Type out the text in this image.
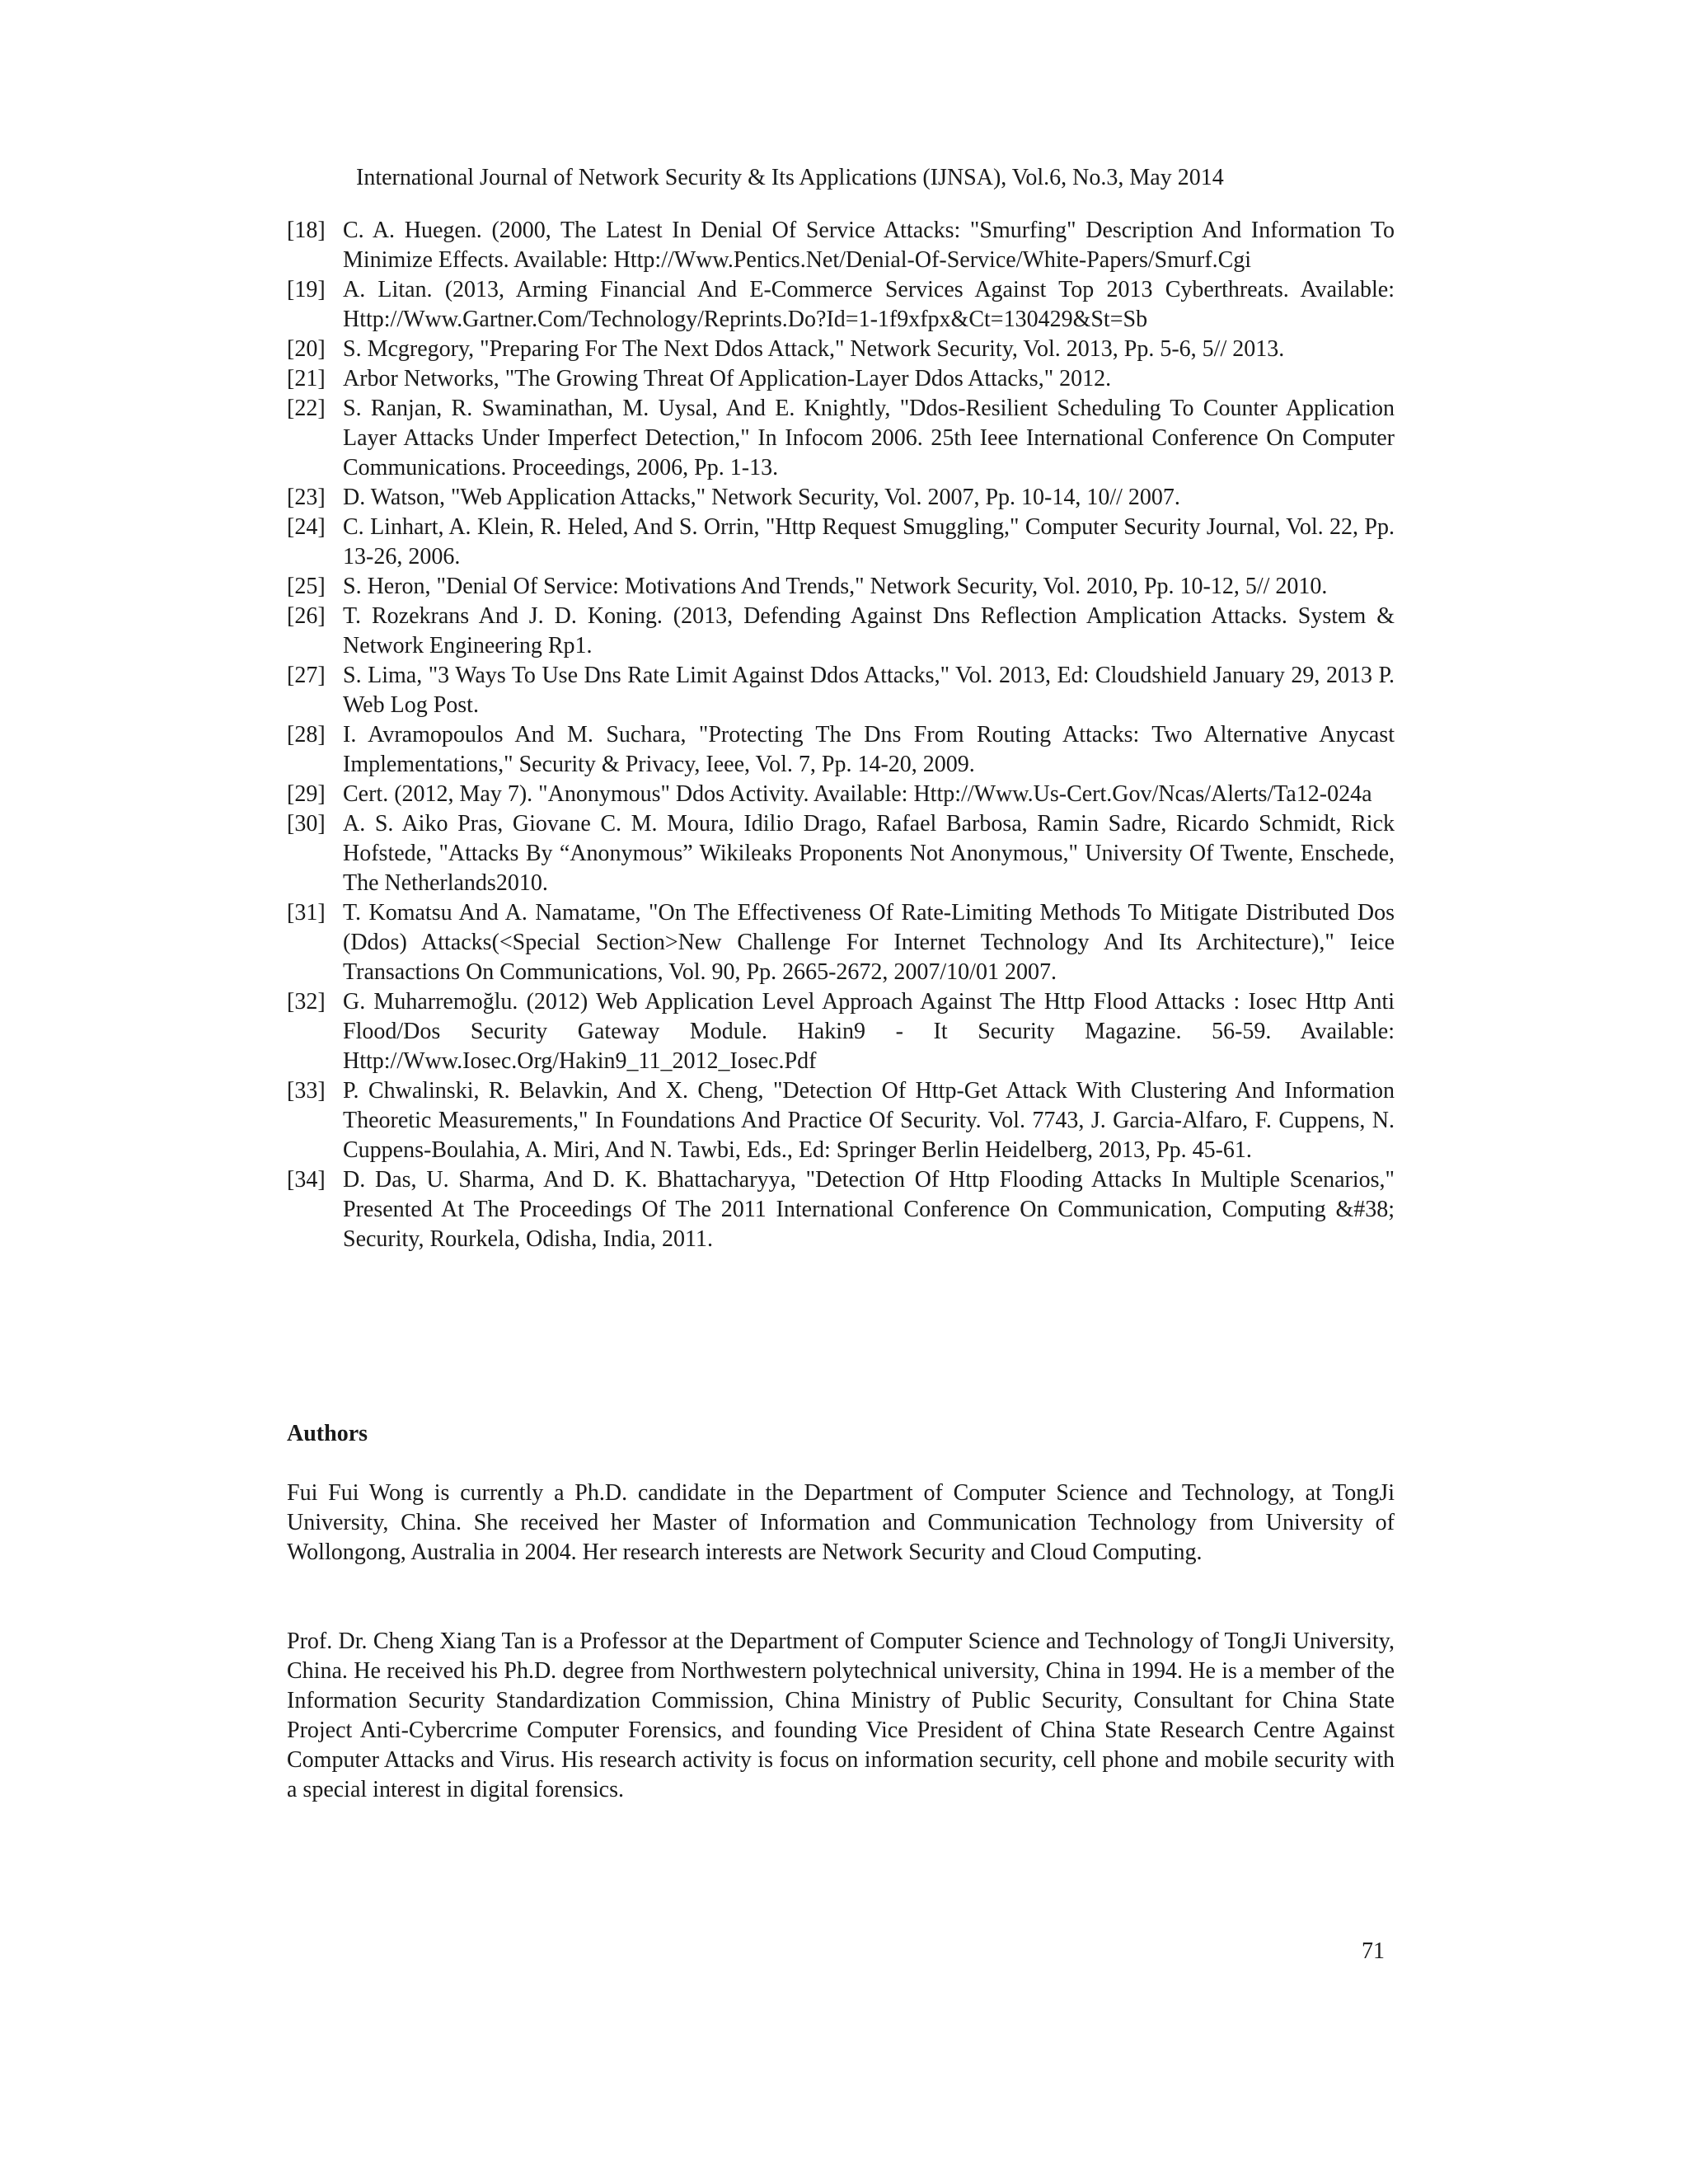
International Journal of Network Security & Its Applications (IJNSA), Vol.6, No.3, May 2014
[18] C. A. Huegen. (2000, The Latest In Denial Of Service Attacks: "Smurfing" Description And Information To Minimize Effects. Available: Http://Www.Pentics.Net/Denial-Of-Service/White-Papers/Smurf.Cgi
[19] A. Litan. (2013, Arming Financial And E-Commerce Services Against Top 2013 Cyberthreats. Available: Http://Www.Gartner.Com/Technology/Reprints.Do?Id=1-1f9xfpx&Ct=130429&St=Sb
[20] S. Mcgregory, "Preparing For The Next Ddos Attack," Network Security, Vol. 2013, Pp. 5-6, 5// 2013.
[21] Arbor Networks, "The Growing Threat Of Application-Layer Ddos Attacks," 2012.
[22] S. Ranjan, R. Swaminathan, M. Uysal, And E. Knightly, "Ddos-Resilient Scheduling To Counter Application Layer Attacks Under Imperfect Detection," In Infocom 2006. 25th Ieee International Conference On Computer Communications. Proceedings, 2006, Pp. 1-13.
[23] D. Watson, "Web Application Attacks," Network Security, Vol. 2007, Pp. 10-14, 10// 2007.
[24] C. Linhart, A. Klein, R. Heled, And S. Orrin, "Http Request Smuggling," Computer Security Journal, Vol. 22, Pp. 13-26, 2006.
[25] S. Heron, "Denial Of Service: Motivations And Trends," Network Security, Vol. 2010, Pp. 10-12, 5// 2010.
[26] T. Rozekrans And J. D. Koning. (2013, Defending Against Dns Reflection Amplication Attacks. System & Network Engineering Rp1.
[27] S. Lima, "3 Ways To Use Dns Rate Limit Against Ddos Attacks," Vol. 2013, Ed: Cloudshield January 29, 2013 P. Web Log Post.
[28] I. Avramopoulos And M. Suchara, "Protecting The Dns From Routing Attacks: Two Alternative Anycast Implementations," Security & Privacy, Ieee, Vol. 7, Pp. 14-20, 2009.
[29] Cert. (2012, May 7). "Anonymous" Ddos Activity. Available: Http://Www.Us-Cert.Gov/Ncas/Alerts/Ta12-024a
[30] A. S. Aiko Pras, Giovane C. M. Moura, Idilio Drago, Rafael Barbosa, Ramin Sadre, Ricardo Schmidt, Rick Hofstede, "Attacks By “Anonymous” Wikileaks Proponents Not Anonymous," University Of Twente, Enschede, The Netherlands2010.
[31] T. Komatsu And A. Namatame, "On The Effectiveness Of Rate-Limiting Methods To Mitigate Distributed Dos (Ddos) Attacks(<Special Section>New Challenge For Internet Technology And Its Architecture)," Ieice Transactions On Communications, Vol. 90, Pp. 2665-2672, 2007/10/01 2007.
[32] G. Muharremoğlu. (2012) Web Application Level Approach Against The Http Flood Attacks : Iosec Http Anti Flood/Dos Security Gateway Module. Hakin9 - It Security Magazine. 56-59. Available: Http://Www.Iosec.Org/Hakin9_11_2012_Iosec.Pdf
[33] P. Chwalinski, R. Belavkin, And X. Cheng, "Detection Of Http-Get Attack With Clustering And Information Theoretic Measurements," In Foundations And Practice Of Security. Vol. 7743, J. Garcia-Alfaro, F. Cuppens, N. Cuppens-Boulahia, A. Miri, And N. Tawbi, Eds., Ed: Springer Berlin Heidelberg, 2013, Pp. 45-61.
[34] D. Das, U. Sharma, And D. K. Bhattacharyya, "Detection Of Http Flooding Attacks In Multiple Scenarios," Presented At The Proceedings Of The 2011 International Conference On Communication, Computing &#38; Security, Rourkela, Odisha, India, 2011.
Authors
Fui Fui Wong is currently a Ph.D. candidate in the Department of Computer Science and Technology, at TongJi University, China. She received her Master of Information and Communication Technology from University of Wollongong, Australia in 2004. Her research interests are Network Security and Cloud Computing.
Prof. Dr. Cheng Xiang Tan is a Professor at the Department of Computer Science and Technology of TongJi University, China. He received his Ph.D. degree from Northwestern polytechnical university, China in 1994. He is a member of the Information Security Standardization Commission, China Ministry of Public Security, Consultant for China State Project Anti-Cybercrime Computer Forensics, and founding Vice President of China State Research Centre Against Computer Attacks and Virus. His research activity is focus on information security, cell phone and mobile security with a special interest in digital forensics.
71
